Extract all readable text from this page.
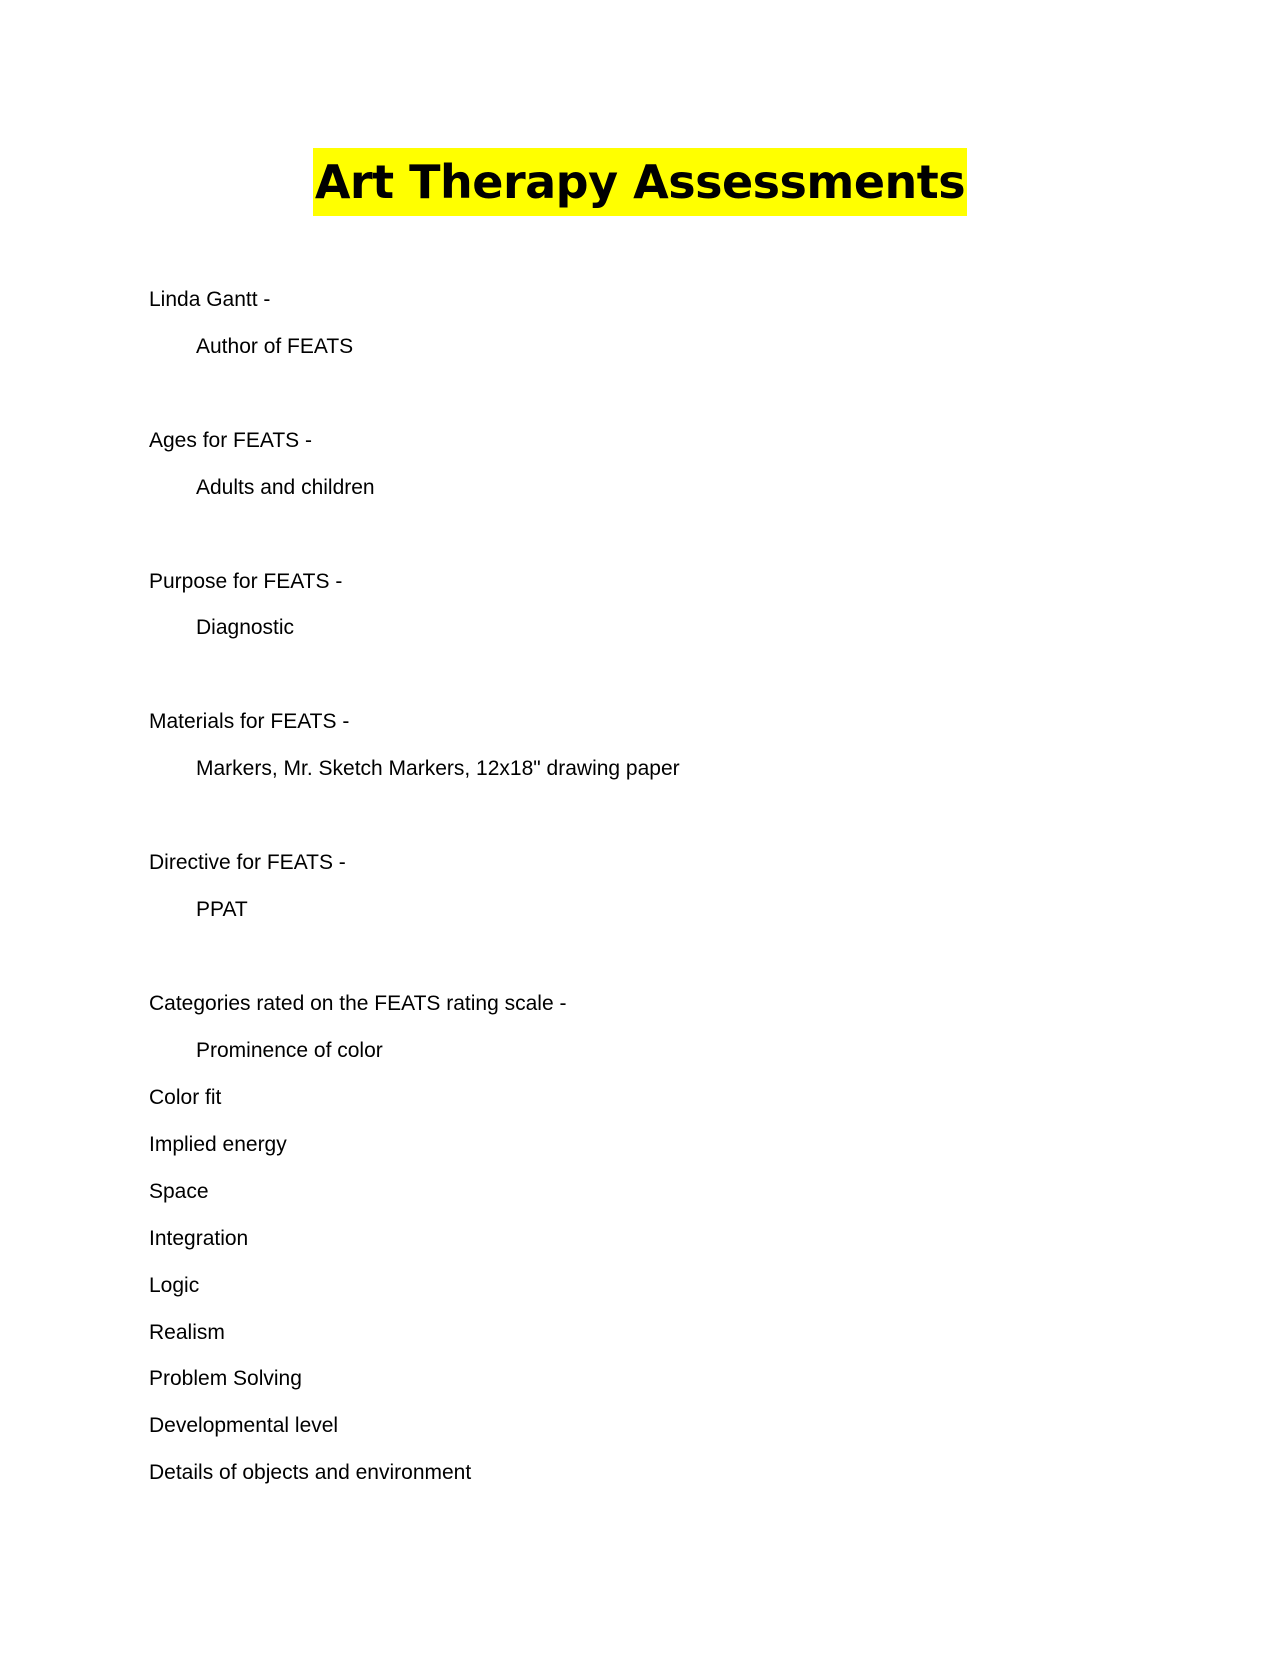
Art Therapy Assessments
Linda Gantt -
Author of FEATS
Ages for FEATS -
Adults and children
Purpose for FEATS -
Diagnostic
Materials for FEATS -
Markers, Mr. Sketch Markers, 12x18" drawing paper
Directive for FEATS -
PPAT
Categories rated on the FEATS rating scale -
Prominence of color
Color fit
Implied energy
Space
Integration
Logic
Realism
Problem Solving
Developmental level
Details of objects and environment
